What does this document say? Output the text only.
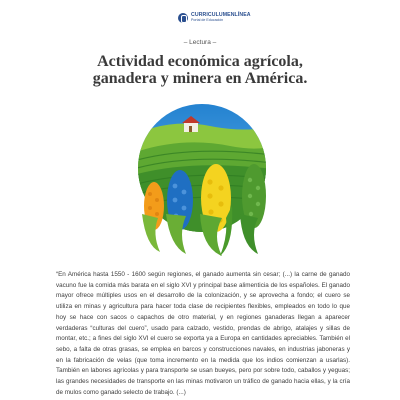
CURRICULUMENLÍNEA
Portal de Educación
– Lectura –
Actividad económica agrícola,
ganadera y minera en América.

“En América hasta 1550 - 1600 según regiones, el ganado aumenta sin cesar; (...) la carne de ganado vacuno fue la comida más barata en el siglo XVI y principal base alimenticia de los españoles. El ganado mayor ofrece múltiples usos en el desarrollo de la colonización, y se aprovecha a fondo; el cuero se utiliza en minas y agricultura para hacer toda clase de recipientes flexibles, empleados en todo lo que hoy se hace con sacos o capachos de otro material, y en regiones ganaderas llegan a aparecer verdaderas “culturas del cuero”, usado para calzado, vestido, prendas de abrigo, atalajes y sillas de montar, etc.; a fines del siglo XVI el cuero se exporta ya a Europa en cantidades apreciables. También el sebo, a falta de otras grasas, se emplea en barcos y construcciones navales, en industrias jaboneras y en la fabricación de velas (que toma incremento en la medida que los indios comienzan a usarlas). También en labores agrícolas y para transporte se usan bueyes, pero por sobre todo, caballos y yeguas; las grandes necesidades de transporte en las minas motivaron un tráfico de ganado hacia ellas, y la cría de mulos como ganado selecto de trabajo. (...)
